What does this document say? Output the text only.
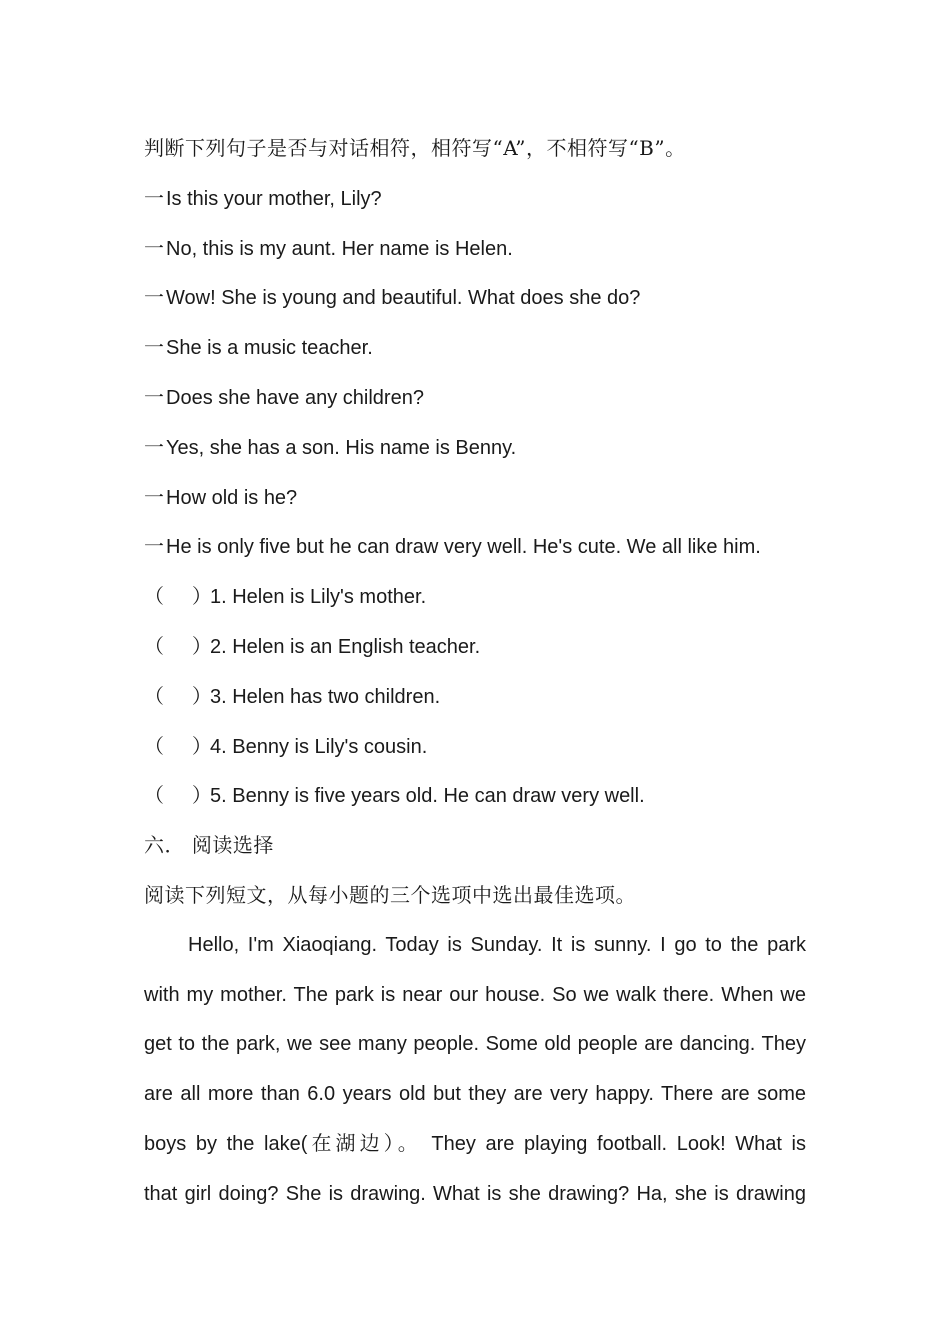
判断下列句子是否与对话相符，相符写“A”，不相符写“B”。
一 Is this your mother, Lily?
一 No, this is my aunt. Her name is Helen.
一 Wow! She is young and beautiful. What does she do?
一 She is a music teacher.
一 Does she have any children?
一 Yes, she has a son. His name is Benny.
一 How old is he?
一 He is only five but he can draw very well. He's cute. We all like him.
（    ）1. Helen is Lily's mother.
（    ）2. Helen is an English teacher.
（    ）3. Helen has two children.
（    ）4. Benny is Lily's cousin.
（    ）5. Benny is five years old. He can draw very well.
六． 阅读选择
阅读下列短文，从每小题的三个选项中选出最佳选项。
Hello, I'm Xiaoqiang. Today is Sunday. It is sunny. I go to the park
with my mother. The park is near our house. So we walk there. When we
get to the park, we see many people. Some old people are dancing. They
are all more than 6.0 years old but they are very happy. There are some
boys by the lake(在湖边）。 They are playing football. Look! What is
that girl doing? She is drawing. What is she drawing? Ha, she is drawing
